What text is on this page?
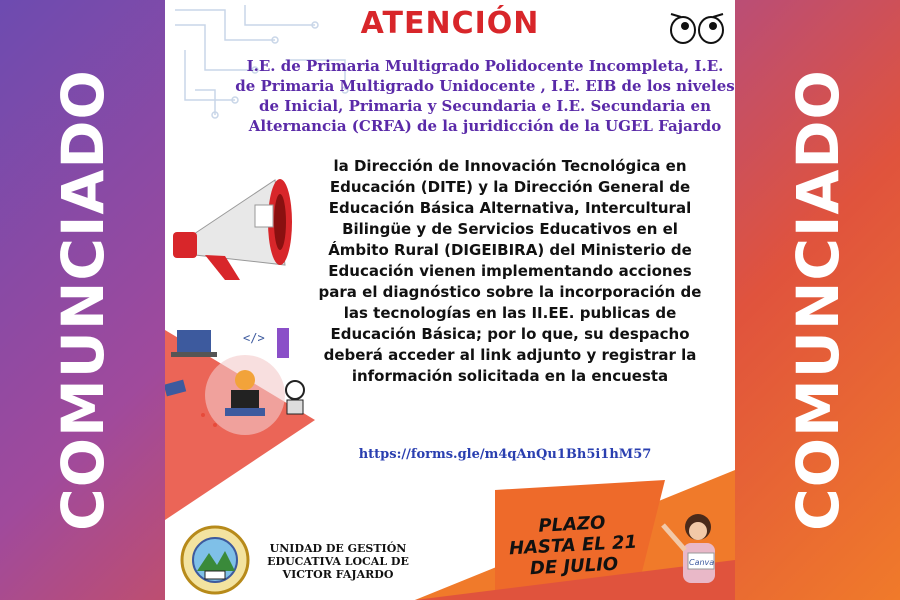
COMUNCIADO	COMUNCIADO
ATENCIÓN
I.E. de Primaria Multigrado Polidocente Incompleta, I.E. de Primaria Multigrado Unidocente , I.E. EIB de los niveles de Inicial, Primaria y Secundaria e I.E. Secundaria en Alternancia (CRFA) de la juridicción de la UGEL Fajardo
la Dirección de Innovación Tecnológica en Educación (DITE) y la Dirección General de Educación Básica Alternativa, Intercultural Bilingüe y de Servicios Educativos en el Ámbito Rural (DIGEIBIRA) del Ministerio de Educación vienen implementando acciones para el diagnóstico sobre la incorporación de las tecnologías en las II.EE. publicas de Educación Básica; por lo que, su despacho deberá acceder al link adjunto y registrar la información solicitada en la encuesta
</>
https://forms.gle/m4qAnQu1Bh5i1hM57
UNIDAD DE GESTIÓN
EDUCATIVA LOCAL DE
VICTOR FAJARDO
PLAZO
HASTA EL 21
DE JULIO	Canva
